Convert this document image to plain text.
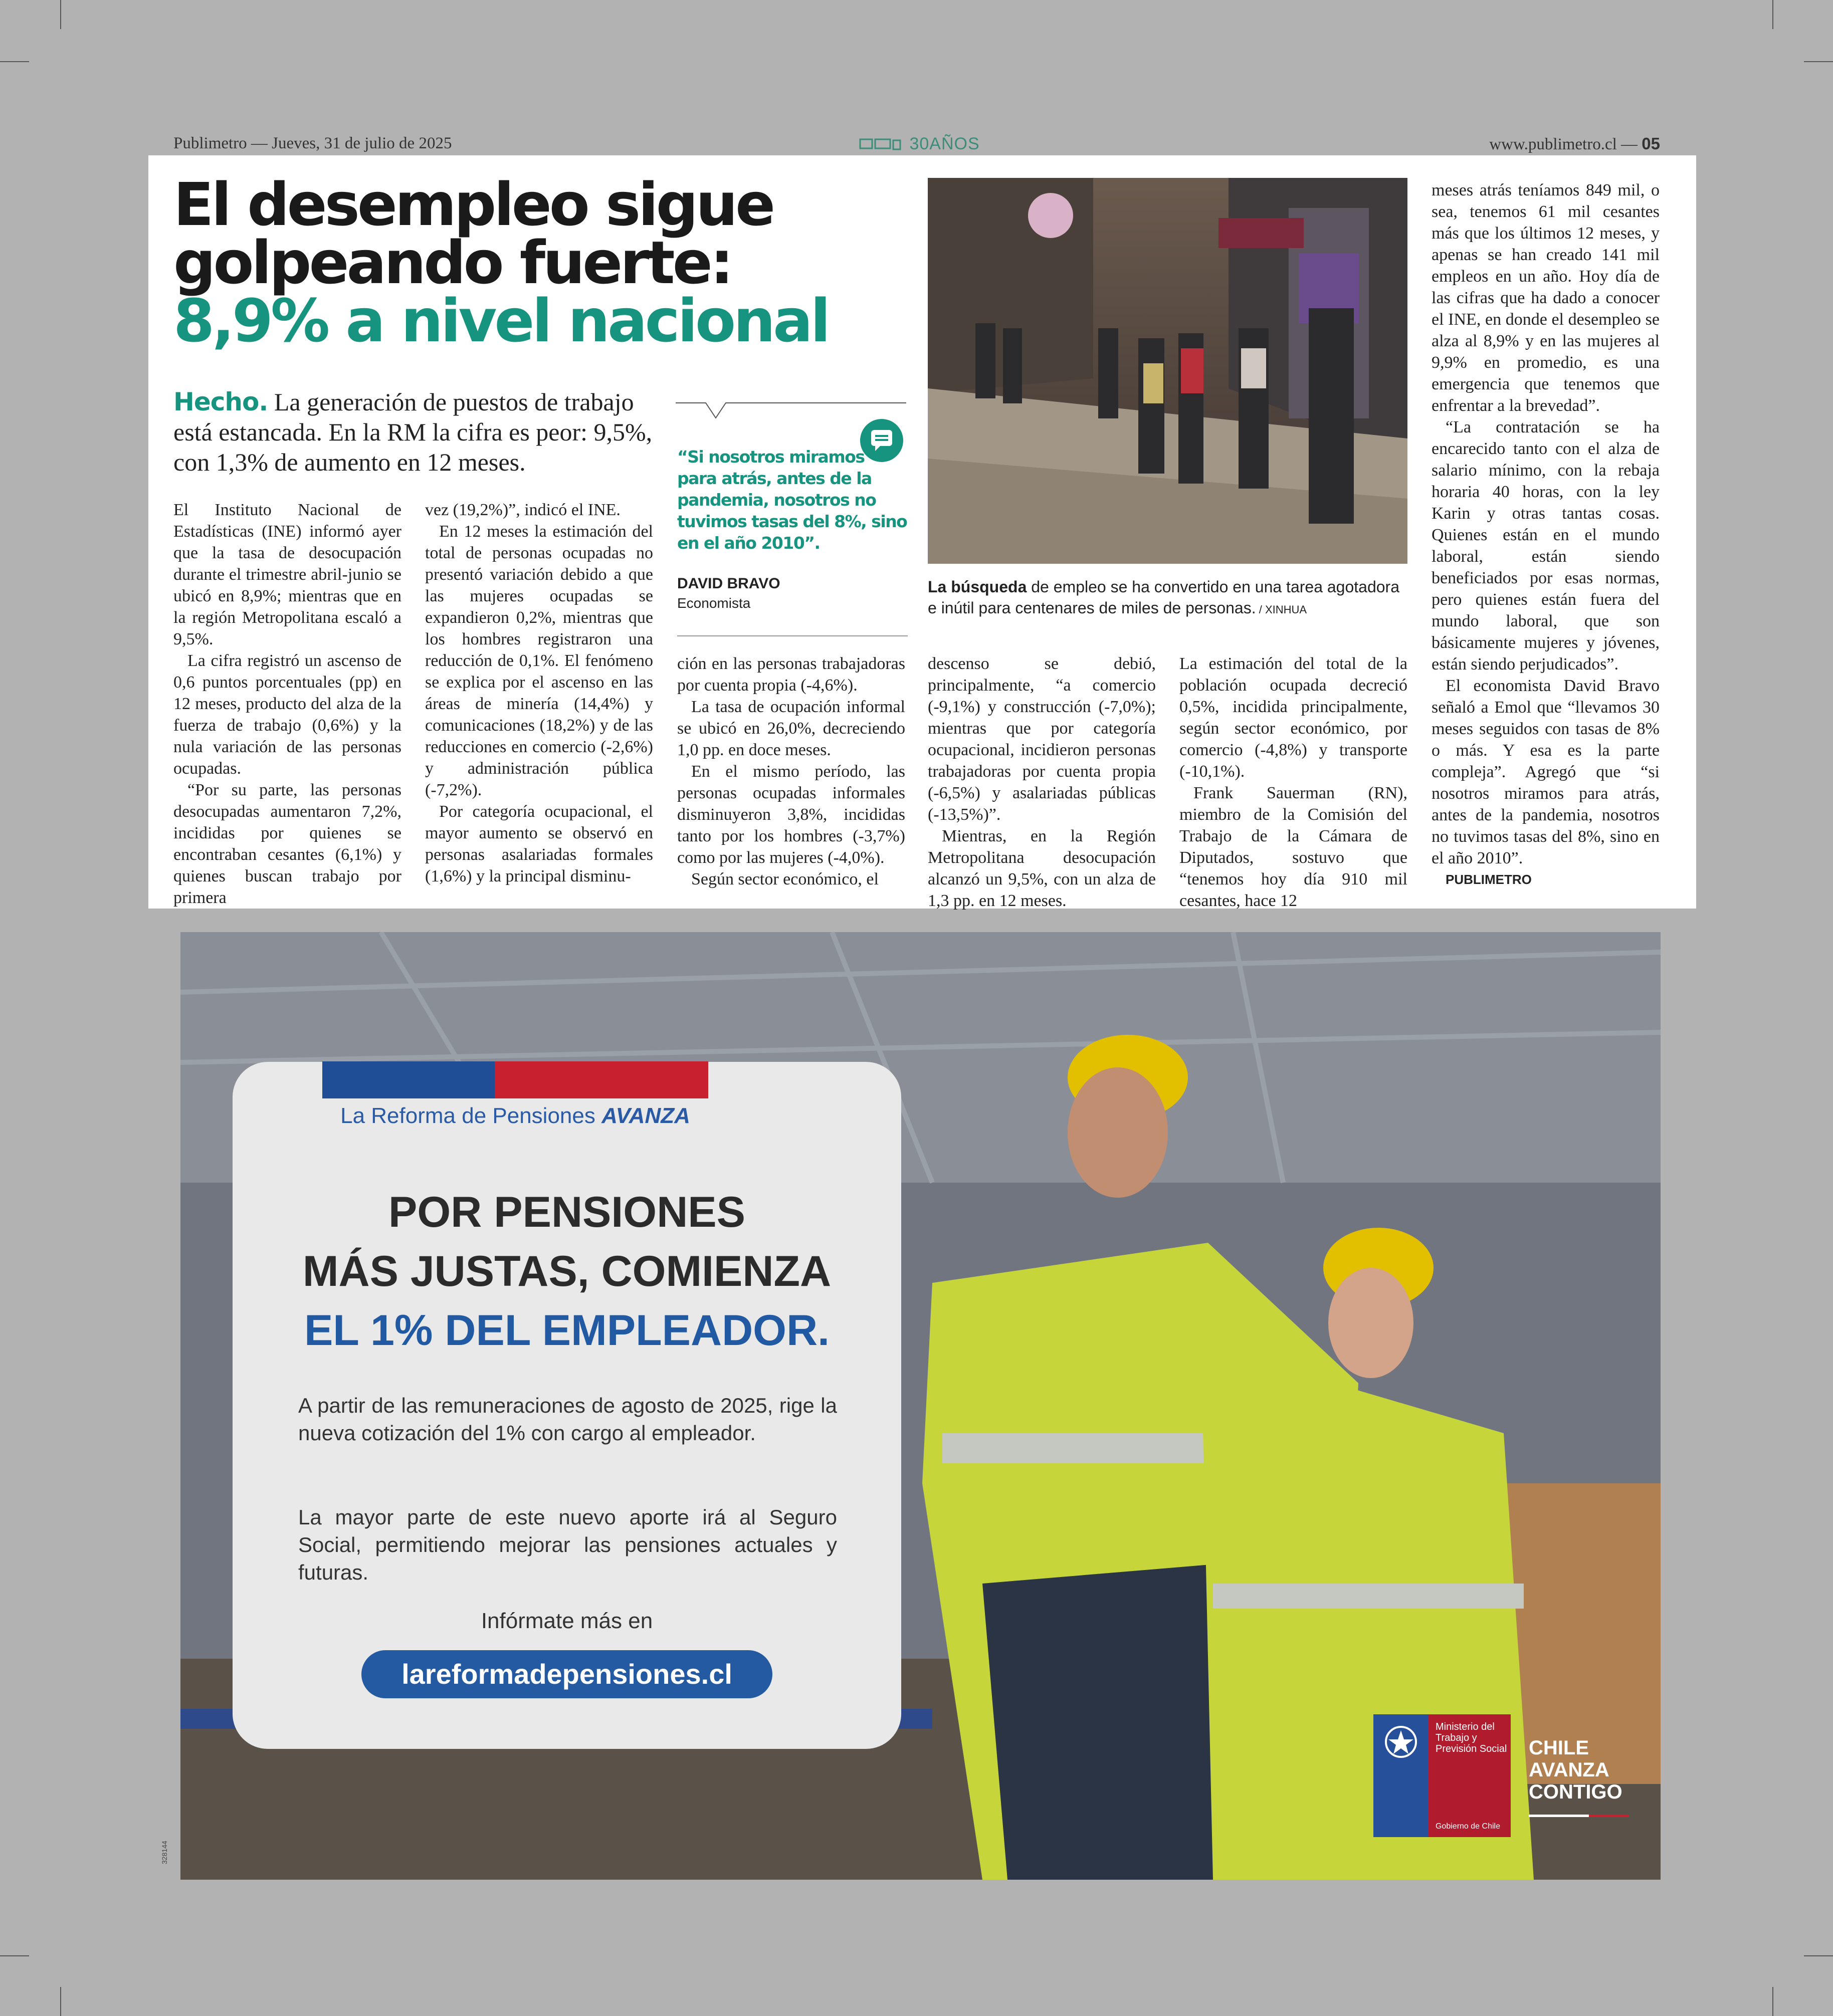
Publimetro — Jueves, 31 de julio de 2025	30AÑOS	www.publimetro.cl — 05
El desempleo sigue golpeando fuerte: 8,9% a nivel nacional
Hecho. La generación de puestos de trabajo está estancada. En la RM la cifra es peor: 9,5%, con 1,3% de aumento en 12 meses.

El Instituto Nacional de Estadísticas (INE) informó ayer que la tasa de desocupación durante el trimestre abril-junio se ubicó en 8,9%; mientras que en la región Metropolitana escaló a 9,5%.

La cifra registró un ascenso de 0,6 puntos porcentuales (pp) en 12 meses, producto del alza de la fuerza de trabajo (0,6%) y la nula variación de las personas ocupadas.

“Por su parte, las personas desocupadas aumentaron 7,2%, incididas por quienes se encontraban cesantes (6,1%) y quienes buscan trabajo por primera

vez (19,2%)”, indicó el INE.

En 12 meses la estimación del total de personas ocupadas no presentó variación debido a que las mujeres ocupadas se expandieron 0,2%, mientras que los hombres registraron una reducción de 0,1%. El fenómeno se explica por el ascenso en las áreas de minería (14,4%) y comunicaciones (18,2%) y de las reducciones en comercio (-2,6%) y administración pública (-7,2%).

Por categoría ocupacional, el mayor aumento se observó en personas asalariadas formales (1,6%) y la principal disminu-

“Si nosotros miramos para atrás, antes de la pandemia, nosotros no tuvimos tasas del 8%, sino en el año 2010”.
DAVID BRAVO
Economista

ción en las personas trabajadoras por cuenta propia (-4,6%).

La tasa de ocupación informal se ubicó en 26,0%, decreciendo 1,0 pp. en doce meses.

En el mismo período, las personas ocupadas informales disminuyeron 3,8%, incididas tanto por los hombres (-3,7%) como por las mujeres (-4,0%).

Según sector económico, el

La búsqueda de empleo se ha convertido en una tarea agotadora e inútil para centenares de miles de personas. / XINHUA

descenso se debió, principalmente, “a comercio (-9,1%) y construcción (-7,0%); mientras que por categoría ocupacional, incidieron personas trabajadoras por cuenta propia (-6,5%) y asalariadas públicas (-13,5%)”.

Mientras, en la Región Metropolitana desocupación alcanzó un 9,5%, con un alza de 1,3 pp. en 12 meses.

La estimación del total de la población ocupada decreció 0,5%, incidida principalmente, según sector económico, por comercio (-4,8%) y transporte (-10,1%).

Frank Sauerman (RN), miembro de la Comisión del Trabajo de la Cámara de Diputados, sostuvo que “tenemos hoy día 910 mil cesantes, hace 12

meses atrás teníamos 849 mil, o sea, tenemos 61 mil cesantes más que los últimos 12 meses, y apenas se han creado 141 mil empleos en un año. Hoy día de las cifras que ha dado a conocer el INE, en donde el desempleo se alza al 8,9% y en las mujeres al 9,9% en promedio, es una emergencia que tenemos que enfrentar a la brevedad”.

“La contratación se ha encarecido tanto con el alza de salario mínimo, con la rebaja horaria 40 horas, con la ley Karin y otras tantas cosas. Quienes están en el mundo laboral, están siendo beneficiados por esas normas, pero quienes están fuera del mundo laboral, que son básicamente mujeres y jóvenes, están siendo perjudicados”.

El economista David Bravo señaló a Emol que “llevamos 30 meses seguidos con tasas de 8% o más. Y esa es la parte compleja”. Agregó que “si nosotros miramos para atrás, antes de la pandemia, nosotros no tuvimos tasas del 8%, sino en el año 2010”.

PUBLIMETRO

La Reforma de Pensiones AVANZA
POR PENSIONES
MÁS JUSTAS, COMIENZA
EL 1% DEL EMPLEADOR.
A partir de las remuneraciones de agosto de 2025, rige la nueva cotización del 1% con cargo al empleador.
La mayor parte de este nuevo aporte irá al Seguro Social, permitiendo mejorar las pensiones actuales y futuras.
Infórmate más en
lareformadepensiones.cl
Ministerio del Trabajo y Previsión Social
Gobierno de Chile
CHILE
AVANZA
CONTIGO
328144
